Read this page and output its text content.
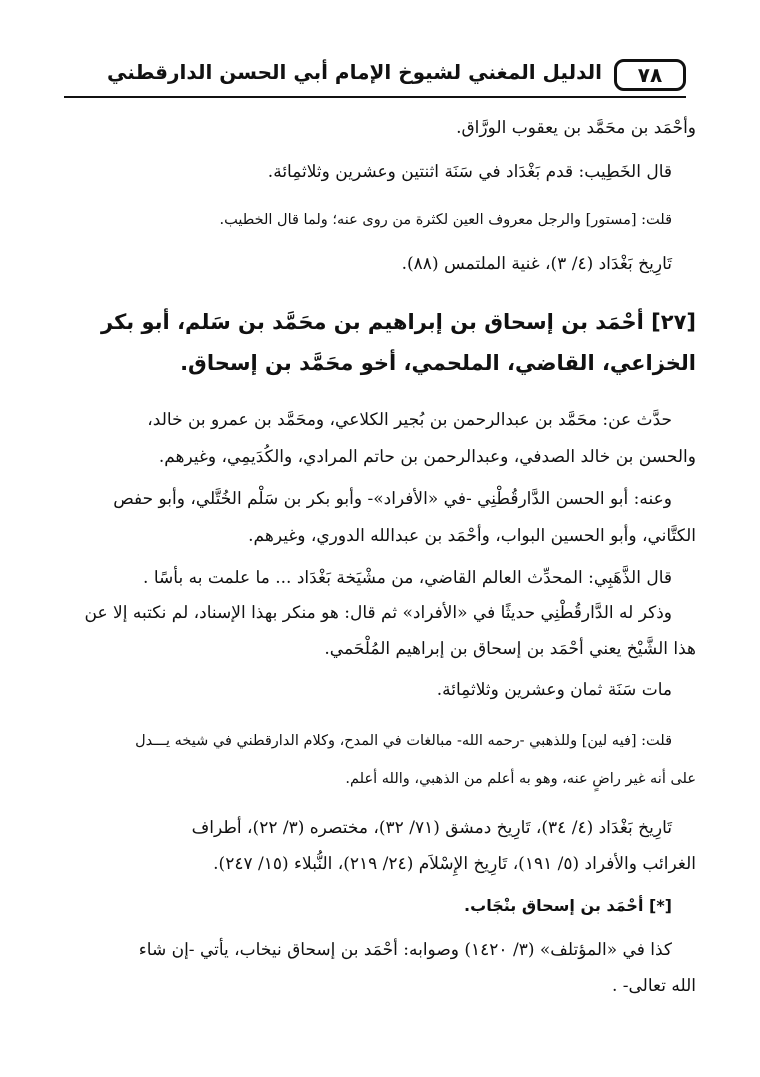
٧٨
الدليل المغني لشيوخ الإمام أبي الحسن الدارقطني
وأحْمَد بن محَمَّد بن يعقوب الورَّاق.
قال الخَطِيب: قدم بَغْدَاد في سَنَة اثنتين وعشرين وثلاثمِائة.
قلت: [مستور] والرجل معروف العين لكثرة من روى عنه؛ ولما قال الخطيب.
تَارِيخ بَغْدَاد (٤/ ٣)، غنية الملتمس (٨٨).
[٢٧] أحْمَد بن إسحاق بن إبراهيم بن محَمَّد بن سَلم، أبو بكر
الخزاعي، القاضي، الملحمي، أخو محَمَّد بن إسحاق.
حدَّث عن: محَمَّد بن عبدالرحمن بن بُجير الكلاعي، ومحَمَّد بن عمرو بن خالد،
والحسن بن خالد الصدفي، وعبدالرحمن بن حاتم المرادي، والكُدَيمِي، وغيرهم.
وعنه: أبو الحسن الدَّارقُطْنِي -في «الأفراد»- وأبو بكر بن سَلْم الخُتَّلي، وأبو حفص
الكتَّاني، وأبو الحسين البواب، وأحْمَد بن عبدالله الدوري، وغيرهم.
قال الذَّهَبِي: المحدِّث العالم القاضي، من مشْيَخة بَغْدَاد ... ما علمت به بأسًا .
وذكر له الدَّارقُطْنِي حديثًا في «الأفراد» ثم قال: هو منكر بهذا الإسناد، لم نكتبه إلا عن
هذا الشَّيْخ يعني أحْمَد بن إسحاق بن إبراهيم المُلْحَمي.
مات سَنَة ثمان وعشرين وثلاثمِائة.
قلت: [فيه لين] وللذهبي -رحمه الله- مبالغات في المدح، وكلام الدارقطني في شيخه يـــدل
على أنه غير راضٍ عنه، وهو به أعلم من الذهبي، والله أعلم.
تَارِيخ بَغْدَاد (٤/ ٣٤)، تَارِيخ دمشق (٧١/ ٣٢)، مختصره (٣/ ٢٢)، أطراف
الغرائب والأفراد (٥/ ١٩١)، تَارِيخ الإِسْلاَم (٢٤/ ٢١٩)، النُّبلاء (١٥/ ٢٤٧).
[*] أحْمَد بن إسحاق بنْجَاب.
كذا في «المؤتلف» (٣/ ١٤٢٠) وصوابه: أحْمَد بن إسحاق نيخاب، يأتي -إن شاء
الله تعالى- .
